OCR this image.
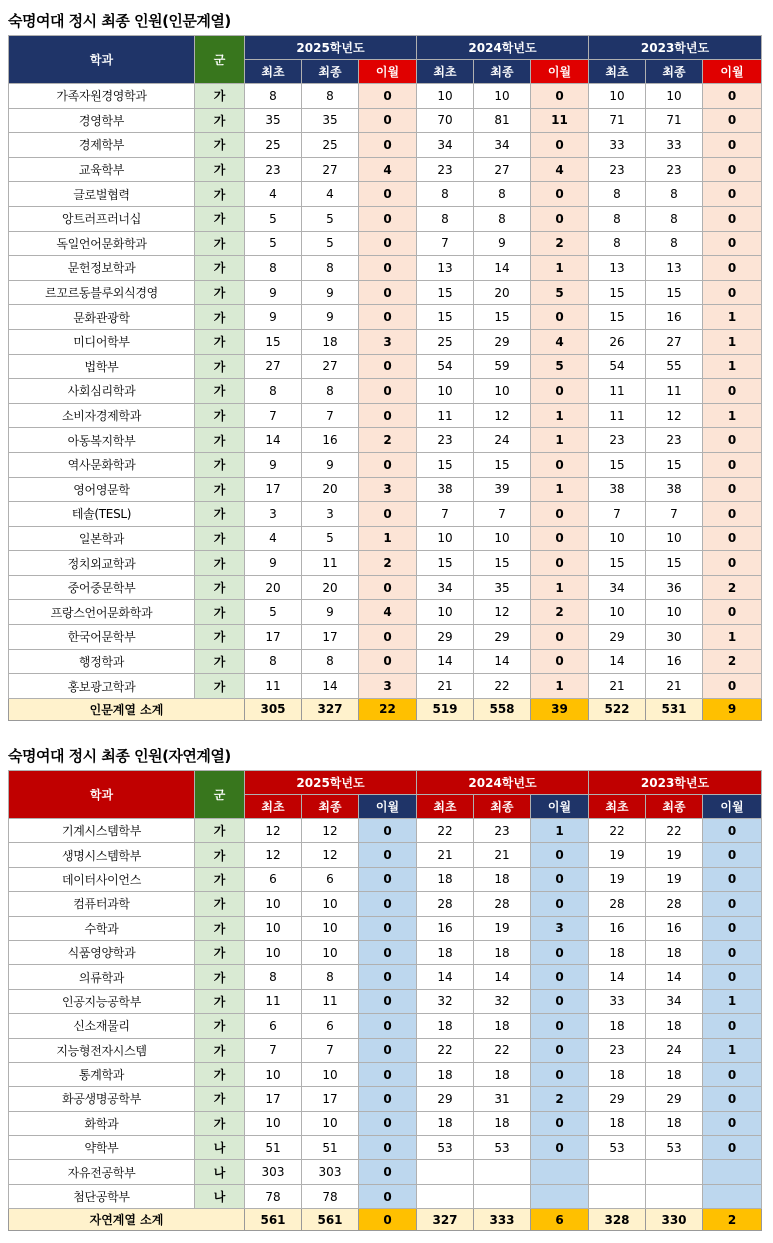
숙명여대 정시 최종 인원(인문계열)
학과	군	2025학년도			2024학년도			2023학년도		
		최초	최종	이월	최초	최종	이월	최초	최종	이월
가족자원경영학과	가	8	8	0	10	10	0	10	10	0
경영학부	가	35	35	0	70	81	11	71	71	0
경제학부	가	25	25	0	34	34	0	33	33	0
교육학부	가	23	27	4	23	27	4	23	23	0
글로벌협력	가	4	4	0	8	8	0	8	8	0
앙트러프러너십	가	5	5	0	8	8	0	8	8	0
독일언어문화학과	가	5	5	0	7	9	2	8	8	0
문헌정보학과	가	8	8	0	13	14	1	13	13	0
르꼬르동블루외식경영	가	9	9	0	15	20	5	15	15	0
문화관광학	가	9	9	0	15	15	0	15	16	1
미디어학부	가	15	18	3	25	29	4	26	27	1
법학부	가	27	27	0	54	59	5	54	55	1
사회심리학과	가	8	8	0	10	10	0	11	11	0
소비자경제학과	가	7	7	0	11	12	1	11	12	1
아동복지학부	가	14	16	2	23	24	1	23	23	0
역사문화학과	가	9	9	0	15	15	0	15	15	0
영어영문학	가	17	20	3	38	39	1	38	38	0
테솔(TESL)	가	3	3	0	7	7	0	7	7	0
일본학과	가	4	5	1	10	10	0	10	10	0
정치외교학과	가	9	11	2	15	15	0	15	15	0
중어중문학부	가	20	20	0	34	35	1	34	36	2
프랑스언어문화학과	가	5	9	4	10	12	2	10	10	0
한국어문학부	가	17	17	0	29	29	0	29	30	1
행정학과	가	8	8	0	14	14	0	14	16	2
홍보광고학과	가	11	14	3	21	22	1	21	21	0
인문계열 소계		305	327	22	519	558	39	522	531	9
숙명여대 정시 최종 인원(자연계열)
학과	군	2025학년도			2024학년도			2023학년도		
		최초	최종	이월	최초	최종	이월	최초	최종	이월
기계시스템학부	가	12	12	0	22	23	1	22	22	0
생명시스템학부	가	12	12	0	21	21	0	19	19	0
데이터사이언스	가	6	6	0	18	18	0	19	19	0
컴퓨터과학	가	10	10	0	28	28	0	28	28	0
수학과	가	10	10	0	16	19	3	16	16	0
식품영양학과	가	10	10	0	18	18	0	18	18	0
의류학과	가	8	8	0	14	14	0	14	14	0
인공지능공학부	가	11	11	0	32	32	0	33	34	1
신소재물리	가	6	6	0	18	18	0	18	18	0
지능형전자시스템	가	7	7	0	22	22	0	23	24	1
통계학과	가	10	10	0	18	18	0	18	18	0
화공생명공학부	가	17	17	0	29	31	2	29	29	0
화학과	가	10	10	0	18	18	0	18	18	0
약학부	나	51	51	0	53	53	0	53	53	0
자유전공학부	나	303	303	0						
첨단공학부	나	78	78	0						
자연계열 소계		561	561	0	327	333	6	328	330	2
